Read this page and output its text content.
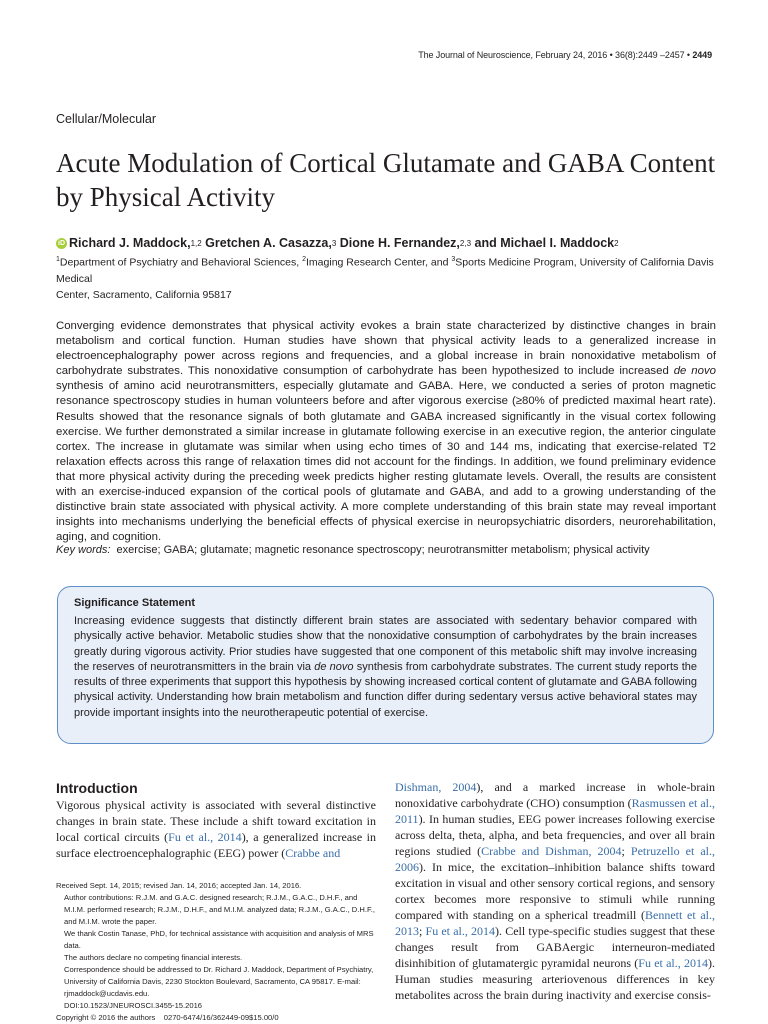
The Journal of Neuroscience, February 24, 2016 • 36(8):2449 –2457 • 2449
Cellular/Molecular
Acute Modulation of Cortical Glutamate and GABA Content
by Physical Activity
iD Richard J. Maddock, 1,2 Gretchen A. Casazza, 3 Dione H. Fernandez, 2,3 and Michael I. Maddock 2
$^1$Department of Psychiatry and Behavioral Sciences, $^2$Imaging Research Center, and $^3$Sports Medicine Program, University of California Davis Medical
Center, Sacramento, California 95817

Converging evidence demonstrates that physical activity evokes a brain state characterized by distinctive changes in brain metabolism and cortical function. Human studies have shown that physical activity leads to a generalized increase in electroencephalography power across regions and frequencies, and a global increase in brain nonoxidative metabolism of carbohydrate substrates. This nonoxidative consumption of carbohydrate has been hypothesized to include increased de novo synthesis of amino acid neurotransmitters, especially glutamate and GABA. Here, we conducted a series of proton magnetic resonance spectroscopy studies in human volunteers before and after vigorous exercise (≥80% of predicted maximal heart rate). Results showed that the resonance signals of both glutamate and GABA increased significantly in the visual cortex following exercise. We further demonstrated a similar increase in glutamate following exercise in an executive region, the anterior cingulate cortex. The increase in glutamate was similar when using echo times of 30 and 144 ms, indicating that exercise-related T2 relaxation effects across this range of relaxation times did not account for the findings. In addition, we found preliminary evidence that more physical activity during the preceding week predicts higher resting glutamate levels. Overall, the results are consistent with an exercise-induced expansion of the cortical pools of glutamate and GABA, and add to a growing understanding of the distinctive brain state associated with physical activity. A more complete understanding of this brain state may reveal important insights into mechanisms underlying the beneficial effects of physical exercise in neuropsychiatric disorders, neurorehabilitation, aging, and cognition.

Key words: exercise; GABA; glutamate; magnetic resonance spectroscopy; neurotransmitter metabolism; physical activity
Significance Statement

Increasing evidence suggests that distinctly different brain states are associated with sedentary behavior compared with physically active behavior. Metabolic studies show that the nonoxidative consumption of carbohydrates by the brain increases greatly during vigorous activity. Prior studies have suggested that one component of this metabolic shift may involve increasing the reserves of neurotransmitters in the brain via de novo synthesis from carbohydrate substrates. The current study reports the results of three experiments that support this hypothesis by showing increased cortical content of glutamate and GABA following physical activity. Understanding how brain metabolism and function differ during sedentary versus active behavioral states may provide important insights into the neurotherapeutic potential of exercise.

Introduction

Vigorous physical activity is associated with several distinctive changes in brain state. These include a shift toward excitation in local cortical circuits (Fu et al., 2014), a generalized increase in surface electroencephalographic (EEG) power (Crabbe and

Dishman, 2004), and a marked increase in whole-brain nonoxidative carbohydrate (CHO) consumption (Rasmussen et al., 2011). In human studies, EEG power increases following exercise across delta, theta, alpha, and beta frequencies, and over all brain regions studied (Crabbe and Dishman, 2004; Petruzello et al., 2006). In mice, the excitation–inhibition balance shifts toward excitation in visual and other sensory cortical regions, and sensory cortex becomes more responsive to stimuli while running compared with standing on a spherical treadmill (Bennett et al., 2013; Fu et al., 2014). Cell type-specific studies suggest that these changes result from GABAergic interneuron-mediated disinhibition of glutamatergic pyramidal neurons (Fu et al., 2014). Human studies measuring arteriovenous differences in key metabolites across the brain during inactivity and exercise consis-

Received Sept. 14, 2015; revised Jan. 14, 2016; accepted Jan. 14, 2016.
Author contributions: R.J.M. and G.A.C. designed research; R.J.M., G.A.C., D.H.F., and M.I.M. performed research; R.J.M., D.H.F., and M.I.M. analyzed data; R.J.M., G.A.C., D.H.F., and M.I.M. wrote the paper.
We thank Costin Tanase, PhD, for technical assistance with acquisition and analysis of MRS data.
The authors declare no competing financial interests.
Correspondence should be addressed to Dr. Richard J. Maddock, Department of Psychiatry, University of California Davis, 2230 Stockton Boulevard, Sacramento, CA 95817. E-mail: rjmaddock@ucdavis.edu.
DOI:10.1523/JNEUROSCI.3455-15.2016
Copyright © 2016 the authors    0270-6474/16/362449-09$15.00/0
